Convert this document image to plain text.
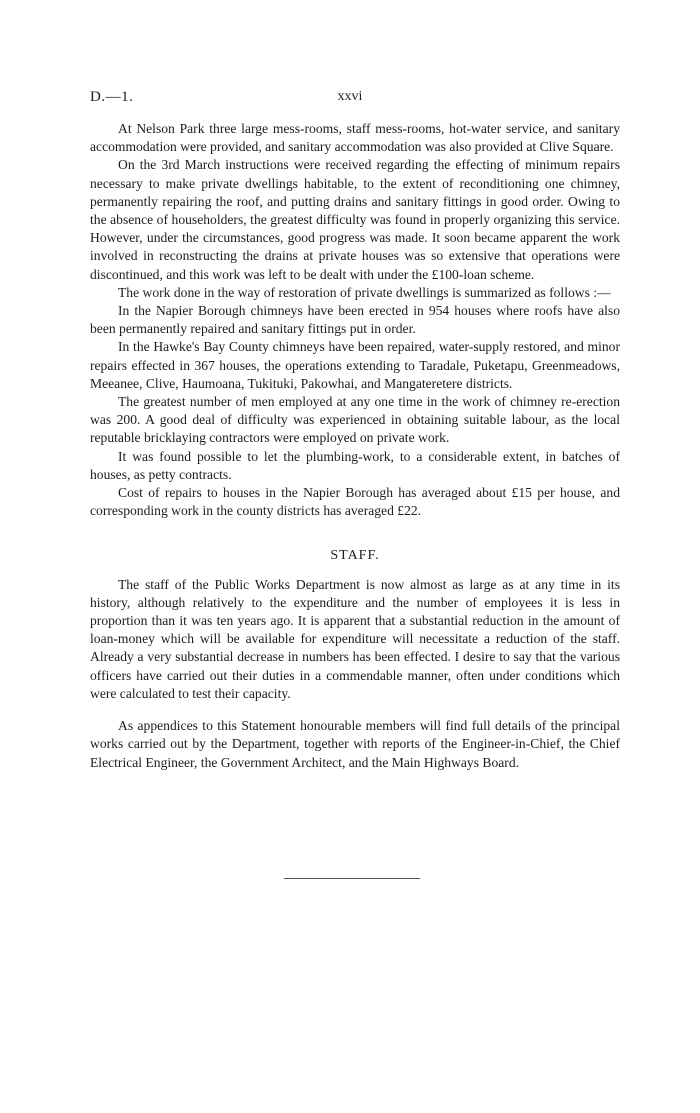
D.—1.	xxvi

At Nelson Park three large mess-rooms, staff mess-rooms, hot-water service, and sanitary accommodation were provided, and sanitary accommodation was also provided at Clive Square.

On the 3rd March instructions were received regarding the effecting of minimum repairs necessary to make private dwellings habitable, to the extent of reconditioning one chimney, permanently repairing the roof, and putting drains and sanitary fittings in good order. Owing to the absence of householders, the greatest difficulty was found in properly organizing this service. However, under the circumstances, good progress was made. It soon became apparent the work involved in reconstructing the drains at private houses was so extensive that operations were discontinued, and this work was left to be dealt with under the £100-loan scheme.

The work done in the way of restoration of private dwellings is summarized as follows :—

In the Napier Borough chimneys have been erected in 954 houses where roofs have also been permanently repaired and sanitary fittings put in order.

In the Hawke's Bay County chimneys have been repaired, water-supply restored, and minor repairs effected in 367 houses, the operations extending to Taradale, Puketapu, Greenmeadows, Meeanee, Clive, Haumoana, Tukituki, Pakowhai, and Mangateretere districts.

The greatest number of men employed at any one time in the work of chimney re-erection was 200. A good deal of difficulty was experienced in obtaining suitable labour, as the local reputable bricklaying contractors were employed on private work.

It was found possible to let the plumbing-work, to a considerable extent, in batches of houses, as petty contracts.

Cost of repairs to houses in the Napier Borough has averaged about £15 per house, and corresponding work in the county districts has averaged £22.

STAFF.

The staff of the Public Works Department is now almost as large as at any time in its history, although relatively to the expenditure and the number of employees it is less in proportion than it was ten years ago. It is apparent that a substantial reduction in the amount of loan-money which will be available for expenditure will necessitate a reduction of the staff. Already a very substantial decrease in numbers has been effected. I desire to say that the various officers have carried out their duties in a commendable manner, often under conditions which were calculated to test their capacity.

As appendices to this Statement honourable members will find full details of the principal works carried out by the Department, together with reports of the Engineer-in-Chief, the Chief Electrical Engineer, the Government Architect, and the Main Highways Board.
